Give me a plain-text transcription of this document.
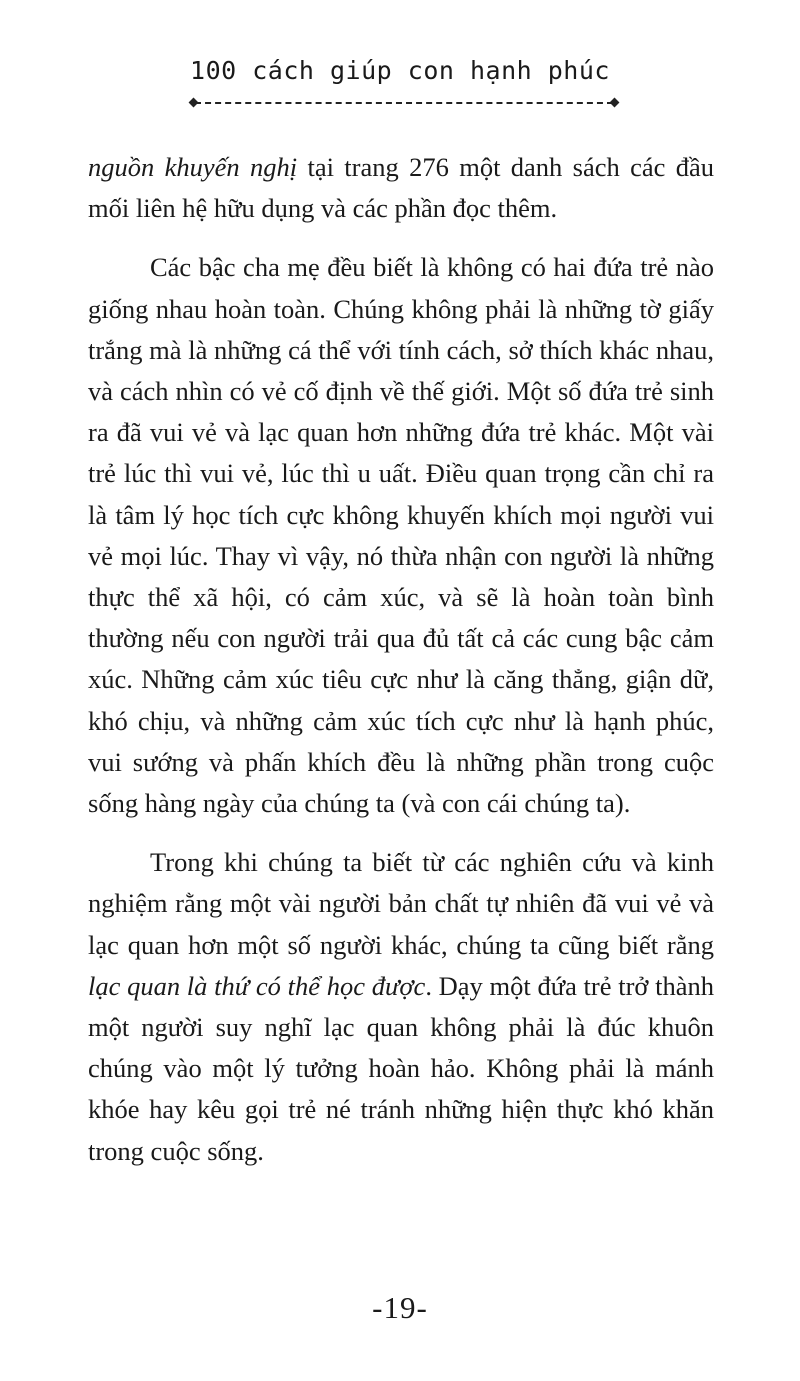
100 cách giúp con hạnh phúc

nguồn khuyến nghị tại trang 276 một danh sách các đầu mối liên hệ hữu dụng và các phần đọc thêm.

Các bậc cha mẹ đều biết là không có hai đứa trẻ nào giống nhau hoàn toàn. Chúng không phải là những tờ giấy trắng mà là những cá thể với tính cách, sở thích khác nhau, và cách nhìn có vẻ cố định về thế giới. Một số đứa trẻ sinh ra đã vui vẻ và lạc quan hơn những đứa trẻ khác. Một vài trẻ lúc thì vui vẻ, lúc thì u uất. Điều quan trọng cần chỉ ra là tâm lý học tích cực không khuyến khích mọi người vui vẻ mọi lúc. Thay vì vậy, nó thừa nhận con người là những thực thể xã hội, có cảm xúc, và sẽ là hoàn toàn bình thường nếu con người trải qua đủ tất cả các cung bậc cảm xúc. Những cảm xúc tiêu cực như là căng thẳng, giận dữ, khó chịu, và những cảm xúc tích cực như là hạnh phúc, vui sướng và phấn khích đều là những phần trong cuộc sống hàng ngày của chúng ta (và con cái chúng ta).

Trong khi chúng ta biết từ các nghiên cứu và kinh nghiệm rằng một vài người bản chất tự nhiên đã vui vẻ và lạc quan hơn một số người khác, chúng ta cũng biết rằng lạc quan là thứ có thể học được. Dạy một đứa trẻ trở thành một người suy nghĩ lạc quan không phải là đúc khuôn chúng vào một lý tưởng hoàn hảo. Không phải là mánh khóe hay kêu gọi trẻ né tránh những hiện thực khó khăn trong cuộc sống.

-19-
